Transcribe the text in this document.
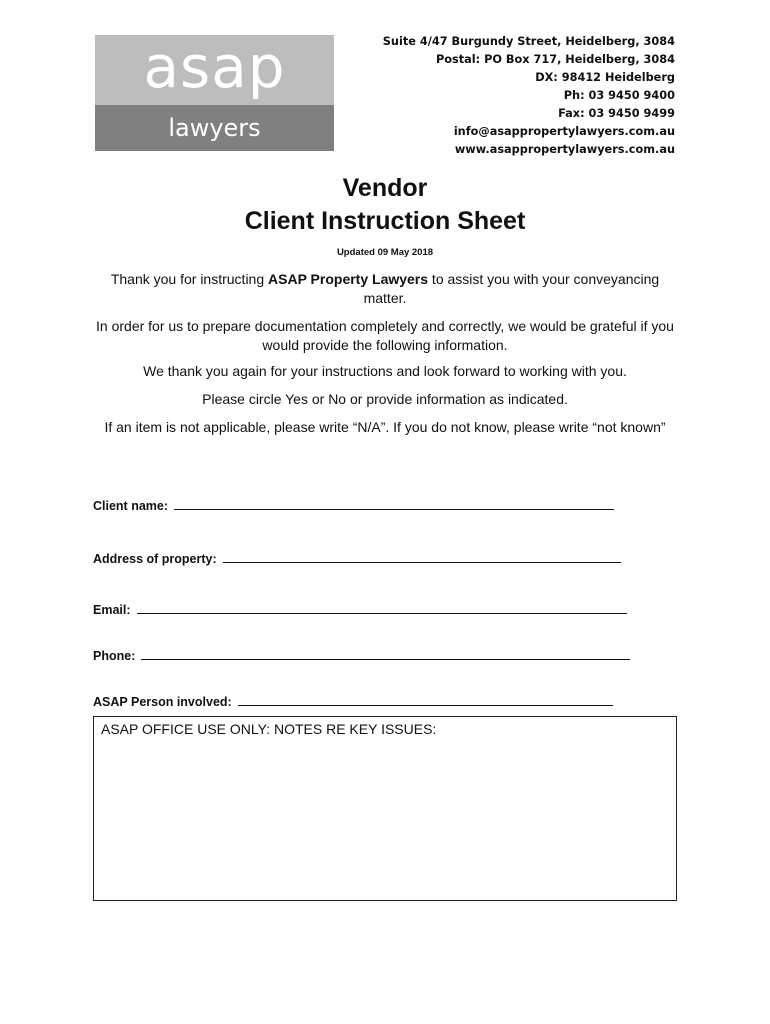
asap
lawyers
Suite 4/47 Burgundy Street, Heidelberg, 3084
Postal: PO Box 717, Heidelberg, 3084
DX: 98412 Heidelberg
Ph: 03 9450 9400
Fax: 03 9450 9499
info@asappropertylawyers.com.au
www.asappropertylawyers.com.au
Vendor
Client Instruction Sheet
Updated 09 May 2018
Thank you for instructing ASAP Property Lawyers to assist you with your conveyancing matter.
In order for us to prepare documentation completely and correctly, we would be grateful if you would provide the following information.
We thank you again for your instructions and look forward to working with you.
Please circle Yes or No or provide information as indicated.
If an item is not applicable, please write “N/A”. If you do not know, please write “not known”
Client name:
Address of property:
Email:
Phone:
ASAP Person involved:
ASAP OFFICE USE ONLY: NOTES RE KEY ISSUES:
